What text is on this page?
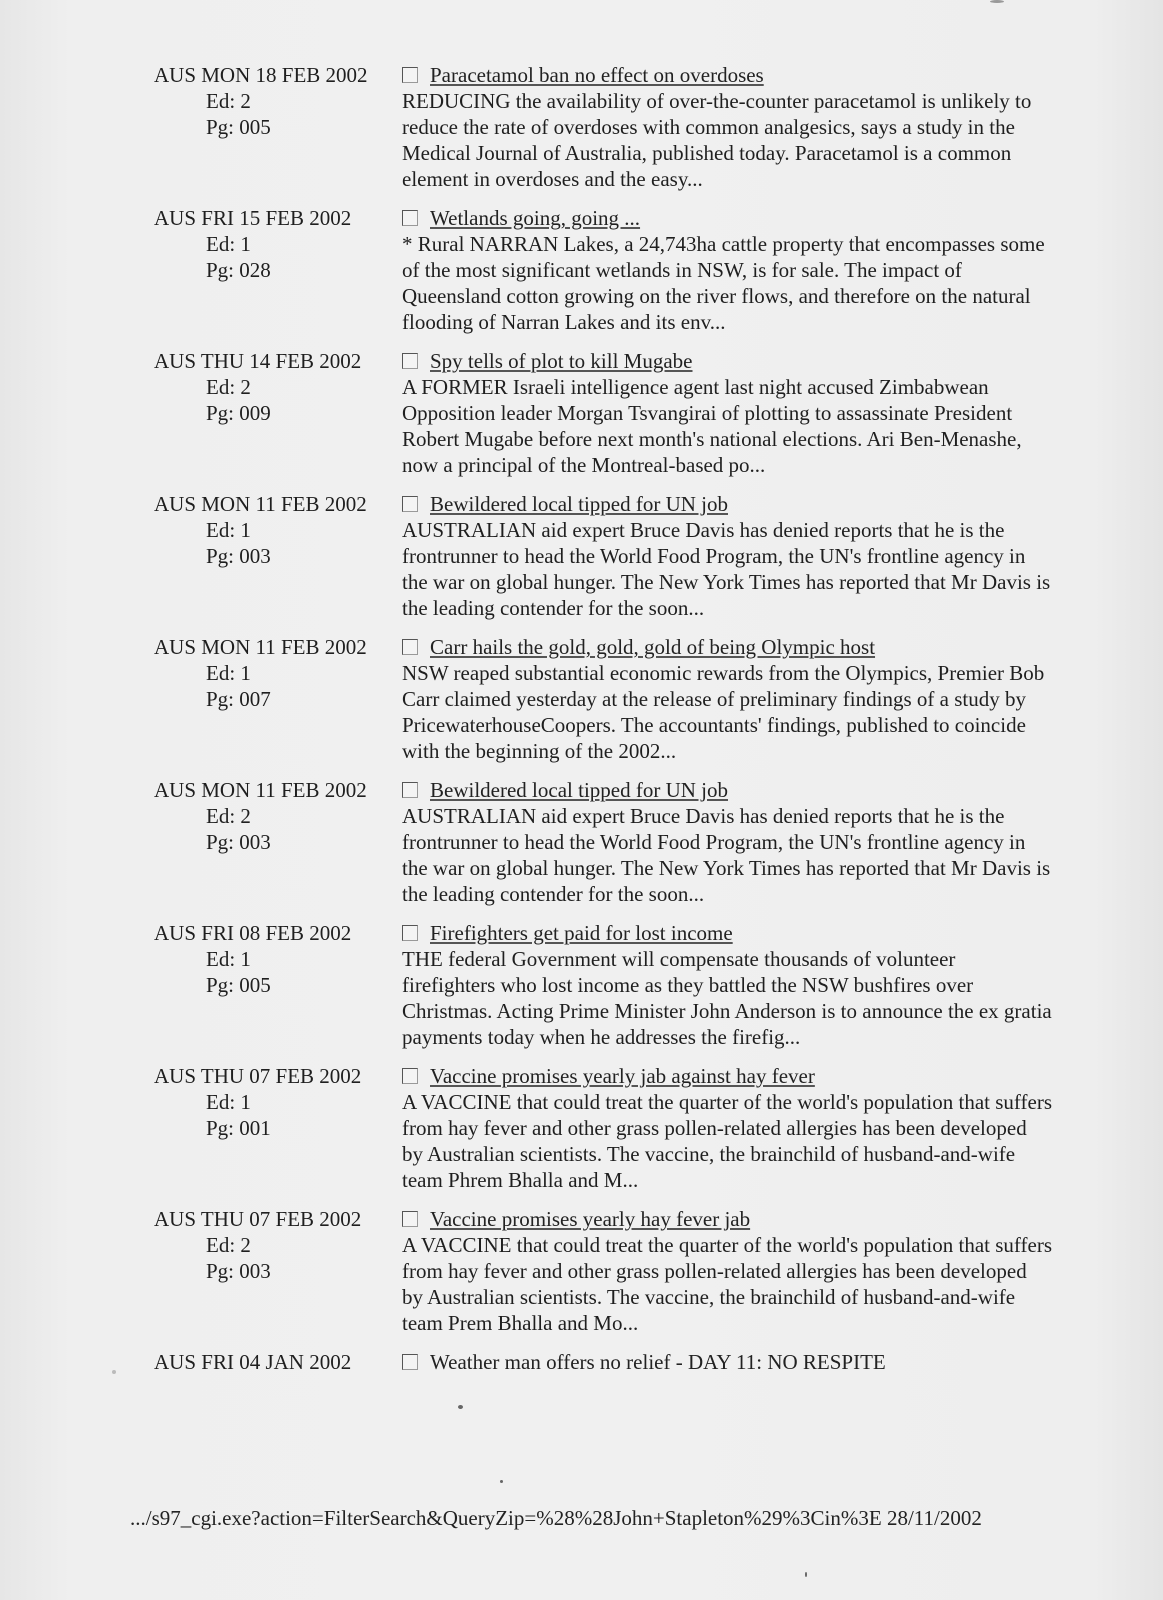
AUS MON 18 FEB 2002
Ed: 2
Pg: 005
Paracetamol ban no effect on overdoses

REDUCING the availability of over-the-counter paracetamol is unlikely to reduce the rate of overdoses with common analgesics, says a study in the Medical Journal of Australia, published today. Paracetamol is a common element in overdoses and the easy...

AUS FRI 15 FEB 2002
Ed: 1
Pg: 028
Wetlands going, going ...

* Rural NARRAN Lakes, a 24,743ha cattle property that encompasses some of the most significant wetlands in NSW, is for sale. The impact of Queensland cotton growing on the river flows, and therefore on the natural flooding of Narran Lakes and its env...

AUS THU 14 FEB 2002
Ed: 2
Pg: 009
Spy tells of plot to kill Mugabe

A FORMER Israeli intelligence agent last night accused Zimbabwean Opposition leader Morgan Tsvangirai of plotting to assassinate President Robert Mugabe before next month's national elections. Ari Ben-Menashe, now a principal of the Montreal-based po...

AUS MON 11 FEB 2002
Ed: 1
Pg: 003
Bewildered local tipped for UN job

AUSTRALIAN aid expert Bruce Davis has denied reports that he is the frontrunner to head the World Food Program, the UN's frontline agency in the war on global hunger. The New York Times has reported that Mr Davis is the leading contender for the soon...

AUS MON 11 FEB 2002
Ed: 1
Pg: 007
Carr hails the gold, gold, gold of being Olympic host

NSW reaped substantial economic rewards from the Olympics, Premier Bob Carr claimed yesterday at the release of preliminary findings of a study by PricewaterhouseCoopers. The accountants' findings, published to coincide with the beginning of the 2002...

AUS MON 11 FEB 2002
Ed: 2
Pg: 003
Bewildered local tipped for UN job

AUSTRALIAN aid expert Bruce Davis has denied reports that he is the frontrunner to head the World Food Program, the UN's frontline agency in the war on global hunger. The New York Times has reported that Mr Davis is the leading contender for the soon...

AUS FRI 08 FEB 2002
Ed: 1
Pg: 005
Firefighters get paid for lost income

THE federal Government will compensate thousands of volunteer firefighters who lost income as they battled the NSW bushfires over Christmas. Acting Prime Minister John Anderson is to announce the ex gratia payments today when he addresses the firefig...

AUS THU 07 FEB 2002
Ed: 1
Pg: 001
Vaccine promises yearly jab against hay fever

A VACCINE that could treat the quarter of the world's population that suffers from hay fever and other grass pollen-related allergies has been developed by Australian scientists. The vaccine, the brainchild of husband-and-wife team Phrem Bhalla and M...

AUS THU 07 FEB 2002
Ed: 2
Pg: 003
Vaccine promises yearly hay fever jab

A VACCINE that could treat the quarter of the world's population that suffers from hay fever and other grass pollen-related allergies has been developed by Australian scientists. The vaccine, the brainchild of husband-and-wife team Prem Bhalla and Mo...

AUS FRI 04 JAN 2002	Weather man offers no relief - DAY 11: NO RESPITE
.../s97_cgi.exe?action=FilterSearch&QueryZip=%28%28John+Stapleton%29%3Cin%3E 28/11/2002
